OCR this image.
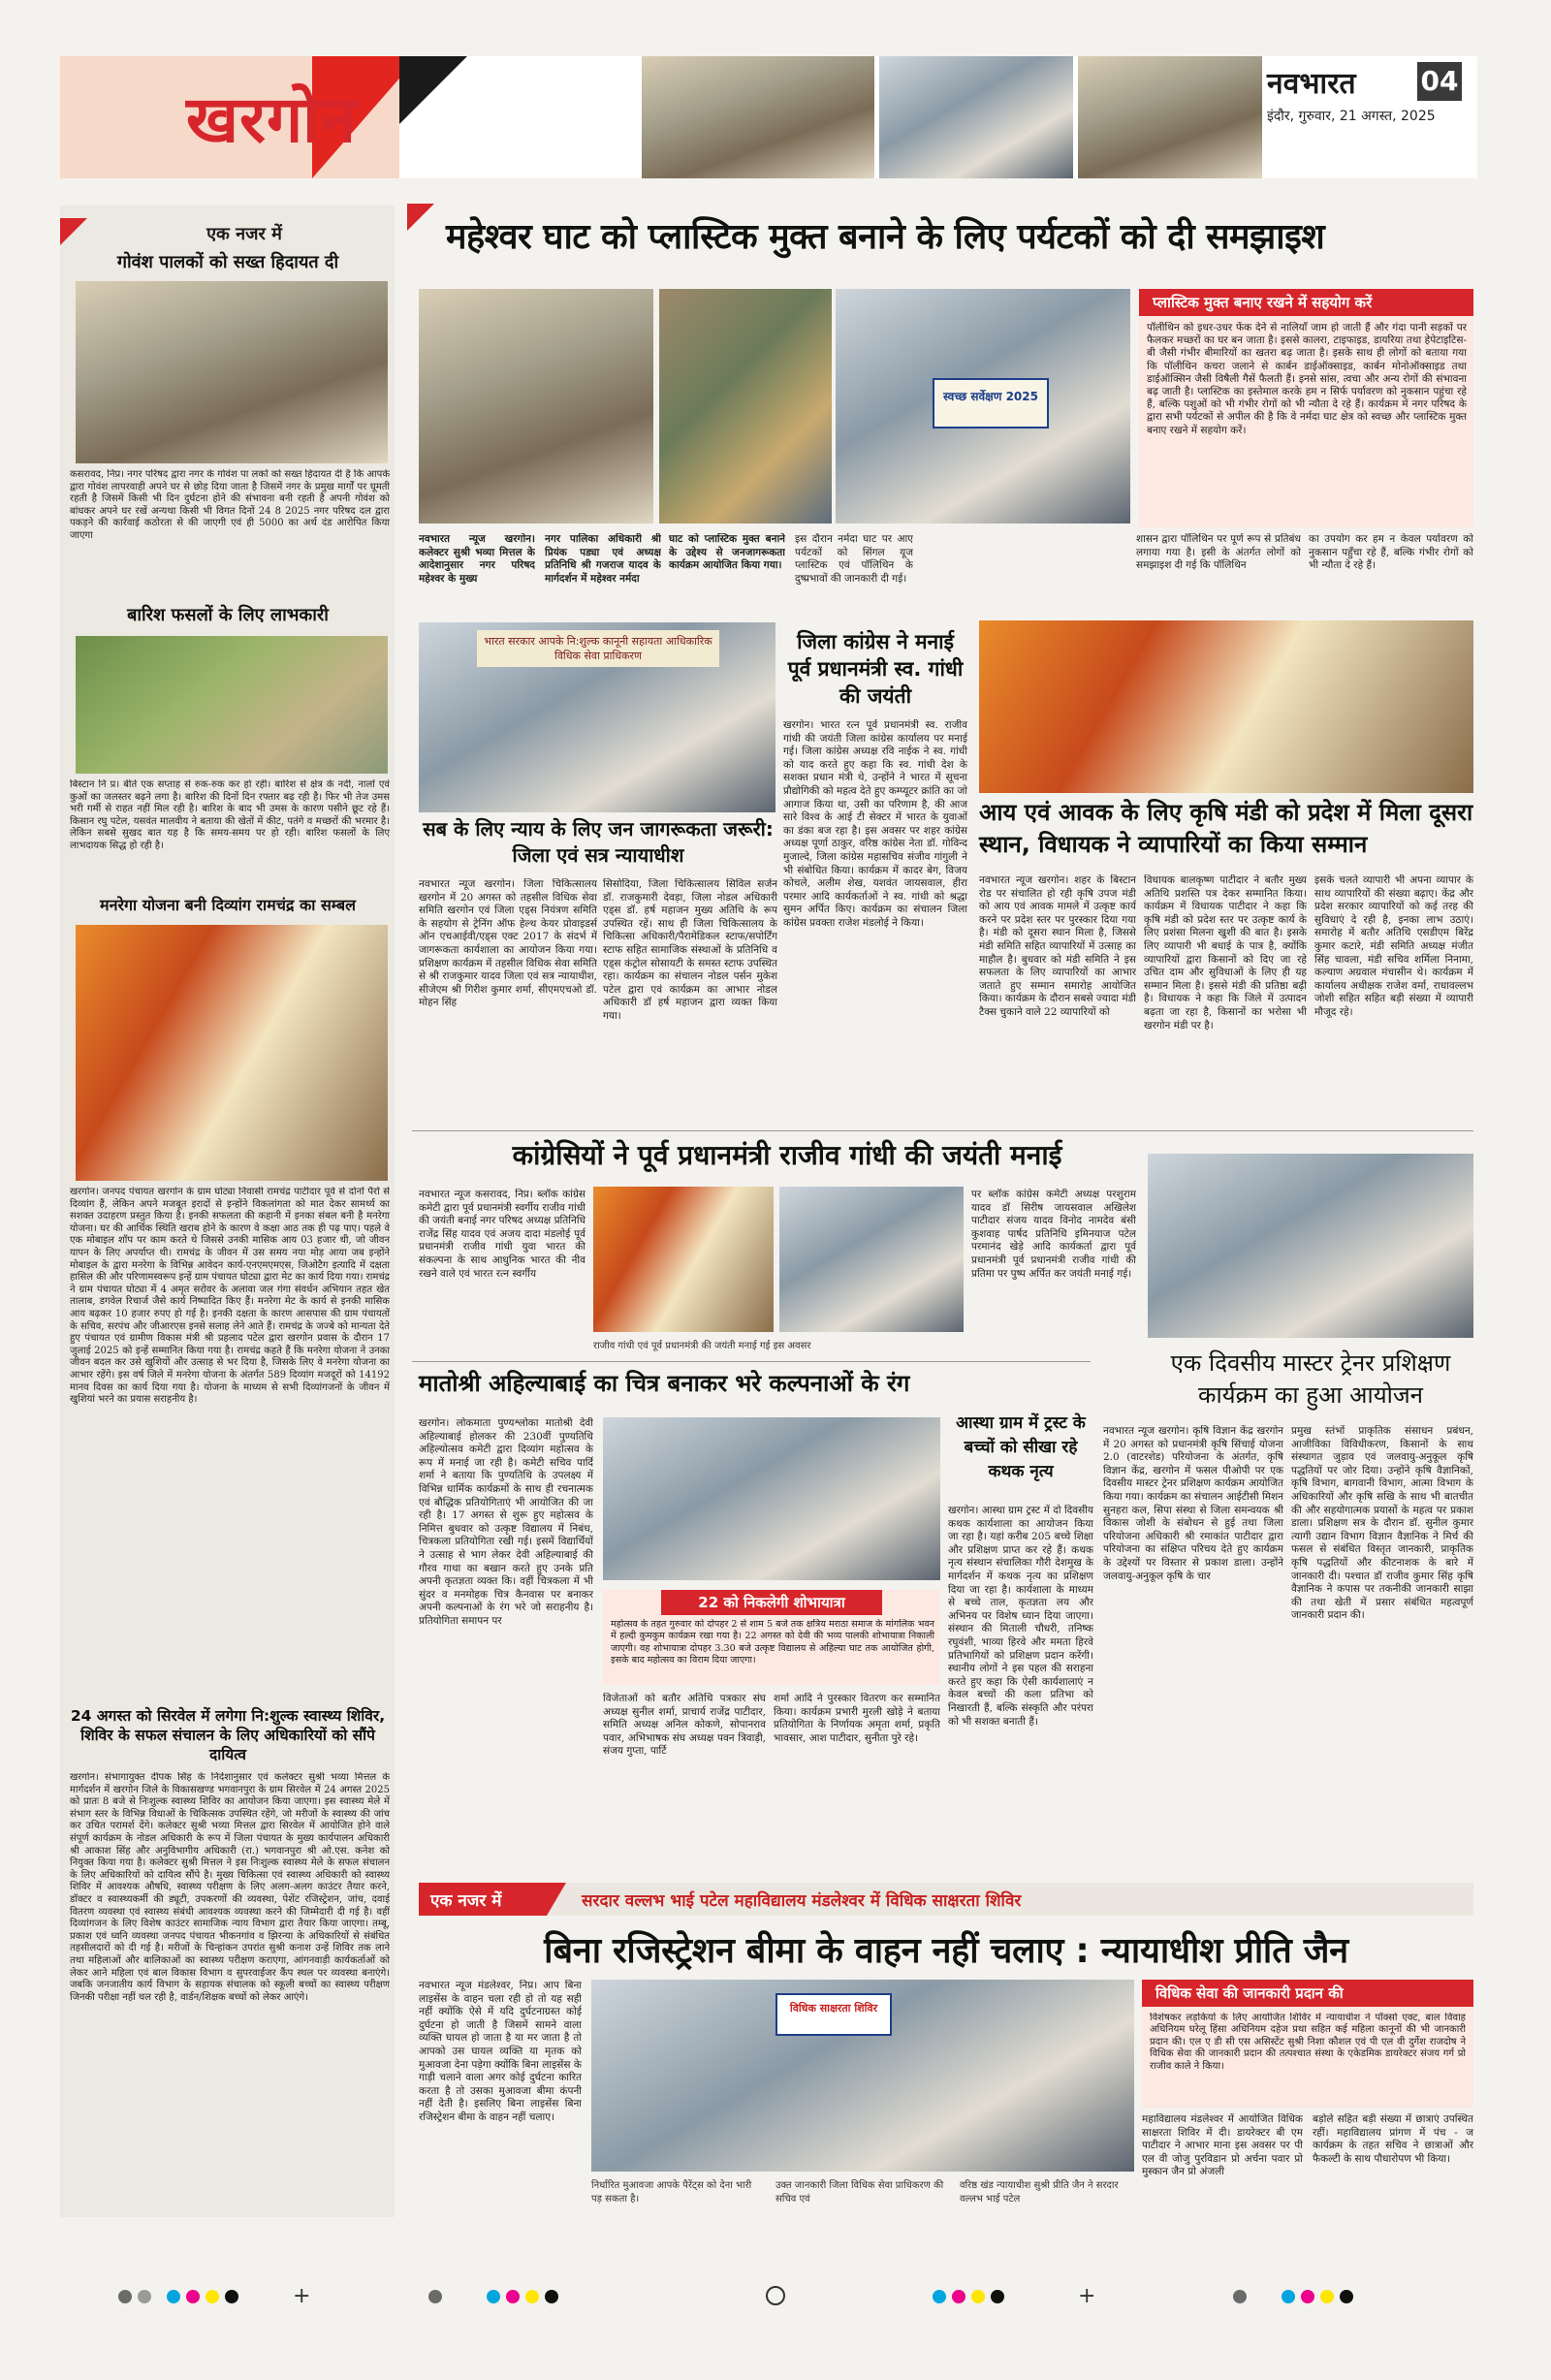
खरगोन	नवभारत 04
इंदौर, गुरुवार, 21 अगस्त, 2025
एक नजर में
गोवंश पालकों को सख्त हिदायत दी
कसरावद, निप्र। नगर परिषद द्वारा नगर के गोवंश पा लकों को सख्त हिदायत दी है कि आपके द्वारा गोवंश लापरवाही अपने घर से छोड़ दिया जाता है जिसमें नगर के प्रमुख मार्गों पर घूमती रहती है जिसमें किसी भी दिन दुर्घटना होने की संभावना बनी रहती है अपनी गोवंश को बांधकर अपने घर रखें अन्यथा किसी भी विगत दिनों 24 8 2025 नगर परिषद दल द्वारा पकड़ने की कार्रवाई कठोरता से की जाएगी एवं ही 5000 का अर्थ दंड आरोपित किया जाएगा
बारिश फसलों के लिए लाभकारी
बिस्टान नि प्र। बीते एक सप्ताह से रुक-रुक कर हो रही। बारिश से क्षेत्र के नदी, नालों एवं कुओं का जलस्तर बढ़ने लगा है। बारिश की दिनों दिन रफ्तार बढ़ रही है। फिर भी तेज उमस भरी गर्मी से राहत नहीं मिल रही है। बारिश के बाद भी उमस के कारण पसीने छूट रहे हैं। किसान रघु पटेल, यसवंत मालवीय ने बताया की खेतों में कीट, पतंगे व मच्छरों की भरमार है। लेकिन सबसे सुखद बात यह है कि समय-समय पर हो रही। बारिश फसलों के लिए लाभदायक सिद्ध हो रही है।
मनरेगा योजना बनी दिव्यांग रामचंद्र का सम्बल
खरगोन। जनपद पंचायत खरगोन के ग्राम घोट्या निवासी रामचंद्र पाटीदार पूर्व से दोनों पैरों से दिव्यांग हैं, लेकिन अपने मजबूत इरादों से इन्होंने विकलांगता को मात देकर सामर्थ्य का सशक्त उदाहरण प्रस्तुत किया है। इनकी सफलता की कहानी में इनका संबल बनी है मनरेगा योजना। घर की आर्थिक स्थिति खराब होने के कारण वे कक्षा आठ तक ही पढ़ पाए। पहले वे एक मोबाइल शॉप पर काम करते थे जिससे उनकी मासिक आय 03 हजार थी, जो जीवन यापन के लिए अपर्याप्त थी। रामचंद्र के जीवन में उस समय नया मोड़ आया जब इन्होंने मोबाइल के द्वारा मनरेगा के विभिन्न आवेदन कार्य-एनएमएमएस, जिओटैग इत्यादि में दक्षता हासिल की और परिणामस्वरूप इन्हें ग्राम पंचायत घोट्या द्वारा मेट का कार्य दिया गया। रामचंद्र ने ग्राम पंचायत घोट्या में 4 अमृत सरोवर के अलावा जल गंगा संवर्धन अभियान तहत खेत तालाब, डगवेल रिचार्ज जैसे कार्य निष्पादित किए हैं। मनरेगा मेट के कार्य से इनकी मासिक आय बढ़कर 10 हजार रुपए हो गई है। इनकी दक्षता के कारण आसपास की ग्राम पंचायतों के सचिव, सरपंच और जीआरएस इनसे सलाह लेने आते हैं। रामचंद्र के जज्बे को मान्यता देते हुए पंचायत एवं ग्रामीण विकास मंत्री श्री प्रहलाद पटेल द्वारा खरगोन प्रवास के दौरान 17 जुलाई 2025 को इन्हें सम्मानित किया गया है। रामचंद्र कहते हैं कि मनरेगा योजना ने उनका जीवन बदल कर उसे खुशियों और उत्साह से भर दिया है, जिसके लिए वे मनरेगा योजना का आभार रहेंगे। इस वर्ष जिले में मनरेगा योजना के अंतर्गत 589 दिव्यांग मजदूरों को 14192 मानव दिवस का कार्य दिया गया है। योजना के माध्यम से सभी दिव्यांगजनों के जीवन में खुशियां भरने का प्रयास सराहनीय है।
24 अगस्त को सिरवेल में लगेगा नि:शुल्क स्वास्थ्य शिविर, शिविर के सफल संचालन के लिए अधिकारियों को सौंपे दायित्व
खरगोन। संभागायुक्त दीपक सिंह के निर्देशानुसार एवं कलेक्टर सुश्री भव्या मित्तल के मार्गदर्शन में खरगोन जिले के विकासखण्ड भगवानपुरा के ग्राम सिरवेल में 24 अगस्त 2025 को प्रातः 8 बजे से निःशुल्क स्वास्थ्य शिविर का आयोजन किया जाएगा। इस स्वास्थ्य मेले में संभाग स्तर के विभिन्न विधाओं के चिकित्सक उपस्थित रहेंगे, जो मरीजों के स्वास्थ्य की जांच कर उचित परामर्श देंगे। कलेक्टर सुश्री भव्या मित्तल द्वारा सिरवेल में आयोजित होने वाले संपूर्ण कार्यक्रम के नोडल अधिकारी के रूप में जिला पंचायत के मुख्य कार्यपालन अधिकारी श्री आकाश सिंह और अनुविभागीय अधिकारी (रा.) भगवानपुरा श्री ओ.एस. कनेश को नियुक्त किया गया है। कलेक्टर सुश्री मित्तल ने इस निःशुल्क स्वास्थ्य मेले के सफल संचालन के लिए अधिकारियों को दायित्व सौंपे है। मुख्य चिकित्सा एवं स्वास्थ्य अधिकारी को स्वास्थ्य शिविर में आवश्यक औषधि, स्वास्थ्य परीक्षण के लिए अलग-अलग काउंटर तैयार करने, डॉक्टर व स्वास्थ्यकर्मी की ड्यूटी, उपकरणों की व्यवस्था, पेशेंट रजिस्ट्रेशन, जांच, दवाई वितरण व्यवस्था एवं स्वास्थ्य संबंधी आवश्यक व्यवस्था करने की जिम्मेदारी दी गई है। वहीं दिव्यांगजन के लिए विशेष काउंटर सामाजिक न्याय विभाग द्वारा तैयार किया जाएगा। तम्बू, प्रकाश एवं ध्वनि व्यवस्था जनपद पंचायत भीकनगांव व झिरन्या के अधिकारियों से संबंधित तहसीलदारों को दी गई है। मरीजों के चिन्हांकन उपरांत सुश्री कनाश उन्हें शिविर तक लाने तथा महिलाओं और बालिकाओं का स्वास्थ्य परीक्षण कराएगा, आंगनवाड़ी कार्यकर्ताओं को लेकर आने महिला एवं बाल विकास विभाग व सुपरवाईजर कैंप स्थल पर व्यवस्था बनाएंगे। जबकि जनजातीय कार्य विभाग के सहायक संचालक को स्कूली बच्चों का स्वास्थ्य परीक्षण जिनकी परीक्षा नहीं चल रही है, वार्डन/शिक्षक बच्चों को लेकर आएंगे।
महेश्वर घाट को प्लास्टिक मुक्त बनाने के लिए पर्यटकों को दी समझाइश
स्वच्छ सर्वेक्षण 2025
नवभारत न्यूज खरगोन। कलेक्टर सुश्री भव्या मित्तल के आदेशानुसार नगर परिषद महेश्वर के मुख्य
नगर पालिका अधिकारी श्री प्रियंक पड्या एवं अध्यक्ष प्रतिनिधि श्री गजराज यादव के मार्गदर्शन में महेश्वर नर्मदा
घाट को प्लास्टिक मुक्त बनाने के उद्देश्य से जनजागरूकता कार्यक्रम आयोजित किया गया।
इस दौरान नर्मदा घाट पर आए पर्यटकों को सिंगल यूज प्लास्टिक एवं पॉलिथिन के दुष्प्रभावों की जानकारी दी गई।
शासन द्वारा पॉलिथिन पर पूर्ण रूप से प्रतिबंध लगाया गया है। इसी के अंतर्गत लोगों को समझाइश दी गई कि पॉलिथिन
का उपयोग कर हम न केवल पर्यावरण को नुकसान पहुँचा रहे हैं, बल्कि गंभीर रोगों को भी न्यौता दे रहे हैं।
प्लास्टिक मुक्त बनाए रखने में सहयोग करें
पॉलीथिन को इधर-उधर फेंक देने से नालियाँ जाम हो जाती हैं और गंदा पानी सड़कों पर फैलकर मच्छरों का घर बन जाता है। इससे कालरा, टाइफाइड, डायरिया तथा हेपेटाइटिस-बी जैसी गंभीर बीमारियों का खतरा बढ़ जाता है। इसके साथ ही लोगों को बताया गया कि पॉलीथिन कचरा जलाने से कार्बन डाईऑक्साइड, कार्बन मोनोऑक्साइड तथा डाईऑक्सिन जैसी विषैली गैसें फैलती हैं। इनसे सांस, त्वचा और अन्य रोगों की संभावना बढ़ जाती है। प्लास्टिक का इस्तेमाल करके हम न सिर्फ पर्यावरण को नुकसान पहुंचा रहे हैं, बल्कि पशुओं को भी गंभीर रोगों को भी न्यौता दे रहे हैं। कार्यक्रम में नगर परिषद के द्वारा सभी पर्यटकों से अपील की है कि वे नर्मदा घाट क्षेत्र को स्वच्छ और प्लास्टिक मुक्त बनाए रखने में सहयोग करें।
भारत सरकार आपके नि:शुल्क कानूनी सहायता आधिकारिक विधिक सेवा प्राधिकरण
सब के लिए न्याय के लिए जन जागरूकता जरूरी: जिला एवं सत्र न्यायाधीश
नवभारत न्यूज खरगोन। जिला चिकित्सालय खरगोन में 20 अगस्त को तहसील विधिक सेवा समिति खरगोन एवं जिला एड्स नियंत्रण समिति के सहयोग से ट्रेनिंग ऑफ हेल्थ केयर प्रोवाइडर्स ऑन एचआईवी/एड्स एक्ट 2017 के संदर्भ में जागरूकता कार्यशाला का आयोजन किया गया। प्रशिक्षण कार्यक्रम में तहसील विधिक सेवा समिति से श्री राजकुमार यादव जिला एवं सत्र न्यायाधीश, सीजेएम श्री गिरीश कुमार शर्मा, सीएमएचओ डॉ. मोहन सिंह
सिसोदिया, जिला चिकित्सालय सिविल सर्जन डॉ. राजकुमारी देवड़ा, जिला नोडल अधिकारी एड्स डॉ. हर्ष महाजन मुख्य अतिथि के रूप उपस्थित रहें। साथ ही जिला चिकित्सालय के चिकित्सा अधिकारी/पैरामेडिकल स्टाफ/सपोर्टिंग स्टाफ सहित सामाजिक संस्थाओं के प्रतिनिधि व एड्स कंट्रोल सोसायटी के समस्त स्टाफ उपस्थित रहा। कार्यक्रम का संचालन नोडल पर्सन मुकेश पटेल द्वारा एवं कार्यक्रम का आभार नोडल अधिकारी डॉ हर्ष महाजन द्वारा व्यक्त किया गया।
जिला कांग्रेस ने मनाई पूर्व प्रधानमंत्री स्व. गांधी की जयंती
खरगोन। भारत रत्न पूर्व प्रधानमंत्री स्व. राजीव गांधी की जयंती जिला कांग्रेस कार्यालय पर मनाई गई। जिला कांग्रेस अध्यक्ष रवि नाईक ने स्व. गांधी को याद करते हुए कहा कि स्व. गांधी देश के सशक्त प्रधान मंत्री थे, उन्होंने ने भारत में सूचना प्रौद्योगिकी को महत्व देते हुए कम्प्यूटर क्रांति का जो आगाज किया था, उसी का परिणाम है, की आज सारे विश्व के आई टी सेक्टर में भारत के युवाओं का डंका बज रहा है। इस अवसर पर शहर कांग्रेस अध्यक्ष पूर्णा ठाकुर, वरिष्ठ कांग्रेस नेता डॉ. गोविन्द मुजाल्दे, जिला कांग्रेस महासचिव संजीव गांगुली ने भी संबोधित किया। कार्यक्रम में कादर बेग, विजय कोचले, अलीम शेख, यशवंत जायसवाल, हीरा परमार आदि कार्यकर्ताओं ने स्व. गांधी को श्रद्धा सुमन अर्पित किए। कार्यक्रम का संचालन जिला कांग्रेस प्रवक्ता राजेश मंडलोई ने किया।
आय एवं आवक के लिए कृषि मंडी को प्रदेश में मिला दूसरा स्थान, विधायक ने व्यापारियों का किया सम्मान
नवभारत न्यूज खरगोन। शहर के बिस्टान रोड पर संचालित हो रही कृषि उपज मंडी को आय एवं आवक मामले में उत्कृष्ट कार्य करने पर प्रदेश स्तर पर पुरस्कार दिया गया है। मंडी को दूसरा स्थान मिला है, जिससे मंडी समिति सहित व्यापारियों में उत्साह का माहौल है। बुधवार को मंडी समिति ने इस सफलता के लिए व्यापारियों का आभार जताते हुए सम्मान समारोह आयोजित किया। कार्यक्रम के दौरान सबसे ज्यादा मंडी टैक्स चुकाने वाले 22 व्यापारियों को
विधायक बालकृष्ण पाटीदार ने बतौर मुख्य अतिथि प्रशस्ति पत्र देकर सम्मानित किया। कार्यक्रम में विधायक पाटीदार ने कहा कि कृषि मंडी को प्रदेश स्तर पर उत्कृष्ट कार्य के लिए प्रशंसा मिलना खुशी की बात है। इसके लिए व्यापारी भी बधाई के पात्र है, क्योंकि व्यापारियों द्वारा किसानों को दिए जा रहे उचित दाम और सुविधाओं के लिए ही यह सम्मान मिला है। इससे मंडी की प्रतिष्ठा बढ़ी है। विधायक ने कहा कि जिले में उत्पादन बढ़ता जा रहा है, किसानों का भरोसा भी खरगोन मंडी पर है।
इसके चलते व्यापारी भी अपना व्यापार के साथ व्यापारियों की संख्या बढ़ाए। केंद्र और प्रदेश सरकार व्यापारियों को कई तरह की सुविधाएं दे रही है, इनका लाभ उठाएं। समारोह में बतौर अतिथि एसडीएम बिरेंद्र कुमार कटारे, मंडी समिति अध्यक्ष मंजीत सिंह चावला, मंडी सचिव शर्मिला निनामा, कल्याण अग्रवाल मंचासीन थे। कार्यक्रम में कार्यालय अधीक्षक राजेश वर्मा, राधावल्लभ जोशी सहित सहित बड़ी संख्या में व्यापारी मौजूद रहे।
कांग्रेसियों ने पूर्व प्रधानमंत्री राजीव गांधी की जयंती मनाई
नवभारत न्यूज कसरावद, निप्र। ब्लॉक कांग्रेस कमेटी द्वारा पूर्व प्रधानमंत्री स्वर्गीय राजीव गांधी की जयंती बनाई नगर परिषद अध्यक्ष प्रतिनिधि राजेंद्र सिंह यादव एवं अजय दादा मंडलोई पूर्व प्रधानमंत्री राजीव गांधी युवा भारत की संकल्पना के साथ आधुनिक भारत की नीव रखने वाले एवं भारत रत्न स्वर्गीय
राजीव गांधी एवं पूर्व प्रधानमंत्री की जयंती मनाई गई इस अवसर
पर ब्लॉक कांग्रेस कमेटी अध्यक्ष परशुराम यादव डॉ सिरीष जायसवाल अखिलेश पाटीदार संजय यादव विनोद नामदेव बंसी कुशवाह पार्षद प्रतिनिधि इमिनयाज पटेल परमानंद खेड़े आदि कार्यकर्ता द्वारा पूर्व प्रधानमंत्री पूर्व प्रधानमंत्री राजीव गांधी की प्रतिमा पर पुष्प अर्पित कर जयंती मनाई गई।
एक दिवसीय मास्टर ट्रेनर प्रशिक्षण कार्यक्रम का हुआ आयोजन
नवभारत न्यूज खरगोन। कृषि विज्ञान केंद्र खरगोन में 20 अगस्त को प्रधानमंत्री कृषि सिंचाई योजना 2.0 (वाटरशेड) परियोजना के अंतर्गत, कृषि विज्ञान केंद्र, खरगोन में फसल पीओपी पर एक दिवसीय मास्टर ट्रेनर प्रशिक्षण कार्यक्रम आयोजित किया गया। कार्यक्रम का संचालन आईटीसी मिशन सुनहरा कल, सिपा संस्था से जिला समन्वयक श्री विकास जोशी के संबोधन से हुई तथा जिला परियोजना अधिकारी श्री रमाकांत पाटीदार द्वारा परियोजना का संक्षिप्त परिचय देते हुए कार्यक्रम के उद्देश्यों पर विस्तार से प्रकाश डाला। उन्होंने जलवायु-अनुकूल कृषि के चार
प्रमुख स्तंभों प्राकृतिक संसाधन प्रबंधन, आजीविका विविधीकरण, किसानों के साथ संस्थागत जुड़ाव एवं जलवायु-अनुकूल कृषि पद्धतियों पर जोर दिया। उन्होंने कृषि वैज्ञानिकों, कृषि विभाग, बागवानी विभाग, आत्मा विभाग के अधिकारियों और कृषि सखि के साथ भी बातचीत की और सहयोगात्मक प्रयासों के महत्व पर प्रकाश डाला। प्रशिक्षण सत्र के दौरान डॉ. सुनील कुमार त्यागी उद्यान विभाग विज्ञान वैज्ञानिक ने मिर्च की फसल से संबंधित विस्तृत जानकारी, प्राकृतिक कृषि पद्धतियों और कीटनाशक के बारे में जानकारी दी। पश्चात डॉ राजीव कुमार सिंह कृषि वैज्ञानिक ने कपास पर तकनीकी जानकारी साझा की तथा खेती में प्रसार संबंधित महत्वपूर्ण जानकारी प्रदान की।
मातोश्री अहिल्याबाई का चित्र बनाकर भरे कल्पनाओं के रंग
खरगोन। लोकमाता पुण्यश्लोका मातोश्री देवी अहिल्याबाई होलकर की 230वीं पुण्यतिथि अहिल्योत्सव कमेटी द्वारा दिव्यांग महोत्सव के रूप में मनाई जा रही है। कमेटी सचिव पार्दि शर्मा ने बताया कि पुण्यतिथि के उपलक्ष्य में विभिन्न धार्मिक कार्यक्रमों के साथ ही रचनात्मक एवं बौद्धिक प्रतियोगिताएं भी आयोजित की जा रही है। 17 अगस्त से शुरू हुए महोत्सव के निमित्त बुधवार को उत्कृष्ट विद्यालय में निबंध, चित्रकला प्रतियोगिता रखी गई। इसमें विद्यार्थियों ने उत्साह से भाग लेकर देवी अहिल्याबाई की गौरव गाथा का बखान करते हुए उनके प्रति अपनी कृतज्ञता व्यक्त कि। वहीं चित्रकला में भी सुंदर व मनमोहक चित्र कैनवास पर बनाकर अपनी कल्पनाओं के रंग भरे जो सराहनीय है। प्रतियोगिता समापन पर
22 को निकलेगी शोभायात्रा
महोत्सव के तहत गुरुवार को दोपहर 2 से शाम 5 बजे तक क्षत्रिय मराठा समाज के मांगलिक भवन में हल्दी कुमकुम कार्यक्रम रखा गया है। 22 अगस्त को देवी की भव्य पालकी शोभायात्रा निकाली जाएगी। वह शोभायात्रा दोपहर 3.30 बजे उत्कृष्ट विद्यालय से अहिल्या घाट तक आयोजित होगी, इसके बाद महोत्सव का विराम दिया जाएगा।
विजेताओं को बतौर अतिथि पत्रकार संघ अध्यक्ष सुनील शर्मा, प्राचार्य राजेंद्र पाटीदार, समिति अध्यक्ष अनिल कोकणे, सोपानराव पवार, अभिभाषक संघ अध्यक्ष पवन त्रिवाड़ी, संजय गुप्ता, पार्टि
शर्मा आदि ने पुरस्कार वितरण कर सम्मानित किया। कार्यक्रम प्रभारी मुरली खोड़े ने बताया प्रतियोगिता के निर्णायक अमृता शर्मा, प्रकृति भावसार, आश पाटीदार, सुनीता पुरे रहे।
आस्था ग्राम में ट्रस्ट के बच्चों को सीखा रहे कथक नृत्य
खरगोन। आस्था ग्राम ट्रस्ट में दो दिवसीय कथक कार्यशाला का आयोजन किया जा रहा है। यहां करीब 205 बच्चे शिक्षा और प्रशिक्षण प्राप्त कर रहे हैं। कथक नृत्य संस्थान संचालिका गौरी देशमुख के मार्गदर्शन में कथक नृत्य का प्रशिक्षण दिया जा रहा है। कार्यशाला के माध्यम से बच्चे ताल, कृतज्ञता लय और अभिनय पर विशेष ध्यान दिया जाएगा। संस्थान की मिताली चौधरी, तनिष्क रघुवंशी, भाव्या हिरवे और ममता हिरवे प्रतिभागियों को प्रशिक्षण प्रदान करेंगी। स्थानीय लोगों ने इस पहल की सराहना करते हुए कहा कि ऐसी कार्यशालाएं न केवल बच्चों की कला प्रतिभा को निखारती हैं, बल्कि संस्कृति और परंपरा को भी सशक्त बनाती हैं।
एक नजर में	सरदार वल्लभ भाई पटेल महाविद्यालय मंडलेश्वर में विधिक साक्षरता शिविर
बिना रजिस्ट्रेशन बीमा के वाहन नहीं चलाए : न्यायाधीश प्रीति जैन
नवभारत न्यूज मंडलेश्वर, निप्र। आप बिना लाइसेंस के वाहन चला रही हो तो यह सही नहीं क्योंकि ऐसे में यदि दुर्घटनाग्रस्त कोई दुर्घटना हो जाती है जिसमें सामने वाला व्यक्ति घायल हो जाता है या मर जाता है तो आपको उस घायल व्यक्ति या मृतक को मुआवजा देना पड़ेगा क्योंकि बिना लाइसेंस के गाड़ी चलाने वाला अगर कोई दुर्घटना कारित करता है तो उसका मुआवजा बीमा कंपनी नहीं देती है। इसलिए बिना लाइसेंस बिना रजिस्ट्रेशन बीमा के वाहन नहीं चलाए।
विधिक साक्षरता शिविर
निर्धारित मुआवजा आपके पैरेंट्स को देना भारी पड़ सकता है।
उक्त जानकारी जिला विधिक सेवा प्राधिकरण की सचिव एवं
वरिष्ठ खंड न्यायाधीश सुश्री प्रीति जैन ने सरदार वल्लभ भाई पटेल
विधिक सेवा की जानकारी प्रदान की
विशेषकर लड़कियों के लिए आयोजित शिविर में न्यायाधीश ने पॉक्सो एक्ट, बाल विवाह अधिनियम घरेलू हिंसा अधिनियम दहेज प्रथा सहित कई महिला कानूनों की भी जानकारी प्रदान की। एल ए डी सी एस असिस्टेंट सुश्री निशा कौशल एवं पी एल वी दुर्गेश राजदोष ने विधिक सेवा की जानकारी प्रदान की तत्पश्चात संस्था के एकेडमिक डायरेक्टर संजय गर्ग प्रो राजीव काले ने किया।
महाविद्यालय मंडलेश्वर में आयोजित विधिक साक्षरता शिविर में दी। डायरेक्टर बी एम पाटीदार ने आभार माना इस अवसर पर पी एल वी जोजु पुरविडान प्रो अर्चना पवार प्रो मुस्कान जैन प्रो अंजली
बड़ोले सहित बड़ी संख्या में छात्राएं उपस्थित रहीं। महाविद्यालय प्रांगण में पंच - ज कार्यक्रम के तहत सचिव ने छात्राओं और फैकल्टी के साथ पौधारोपण भी किया।
+	+
